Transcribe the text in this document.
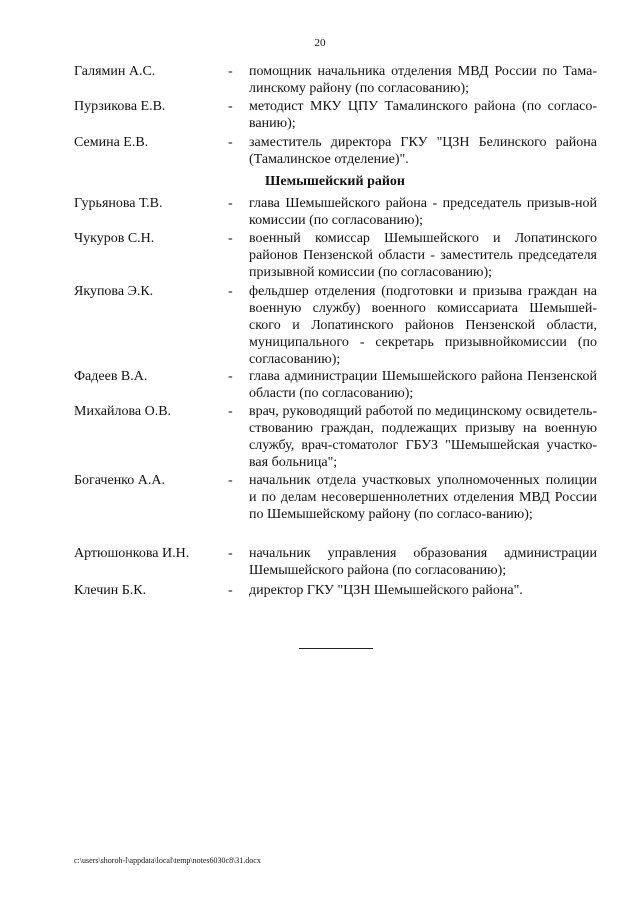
20
Галямин А.С.	- помощник начальника отделения МВД России по Тама-линскому району (по согласованию);
Пурзикова Е.В.	- методист МКУ ЦПУ Тамалинского района (по согласо-ванию);
Семина Е.В.	- заместитель директора ГКУ "ЦЗН Белинского района (Тамалинское отделение)".
Шемышейский район
Гурьянова Т.В.	- глава Шемышейского района - председатель призыв-ной комиссии (по согласованию);
Чукуров С.Н.	- военный комиссар Шемышейского и Лопатинского районов Пензенской области - заместитель председателя призывной комиссии (по согласованию);
Якупова Э.К.	- фельдшер отделения (подготовки и призыва граждан на военную службу) военного комиссариата Шемышей-ского и Лопатинского районов Пензенской области, муниципального - секретарь призывнойкомиссии (по согласованию);
Фадеев В.А.	- глава администрации Шемышейского района Пензенской области (по согласованию);
Михайлова О.В.	- врач, руководящий работой по медицинскому освидетель-ствованию граждан, подлежащих призыву на военную службу, врач-стоматолог ГБУЗ "Шемышейская участко-вая больница";
Богаченко А.А.	- начальник отдела участковых уполномоченных полиции и по делам несовершеннолетних отделения МВД России по Шемышейскому району (по согласо-ванию);
Артюшонкова И.Н.	- начальник управления образования администрации Шемышейского района (по согласованию);
Клечин Б.К.	- директор ГКУ "ЦЗН Шемышейского района".
c:\users\shoroh-l\appdata\local\temp\notes6030c8\31.docx
